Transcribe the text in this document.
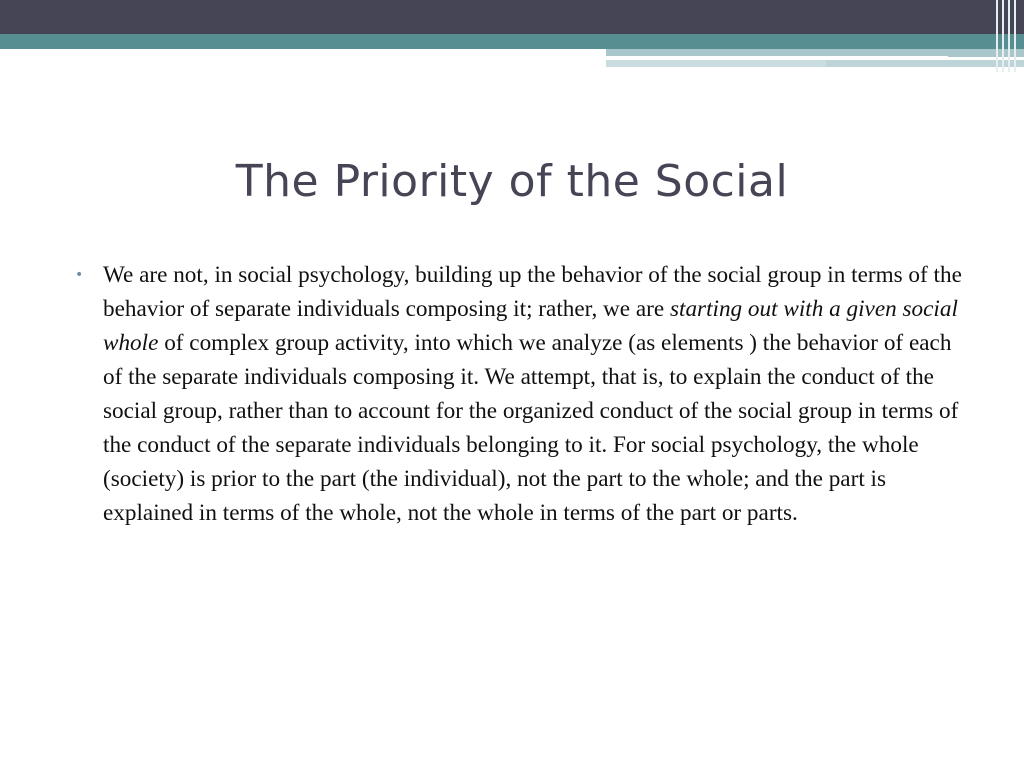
The Priority of the Social
• We are not, in social psychology, building up the behavior of the social group in terms of the behavior of separate individuals composing it; rather, we are starting out with a given social whole of complex group activity, into which we analyze (as elements ) the behavior of each of the separate individuals composing it. We attempt, that is, to explain the conduct of the social group, rather than to account for the organized conduct of the social group in terms of the conduct of the separate individuals belonging to it. For social psychology, the whole (society) is prior to the part (the individual), not the part to the whole; and the part is explained in terms of the whole, not the whole in terms of the part or parts.
